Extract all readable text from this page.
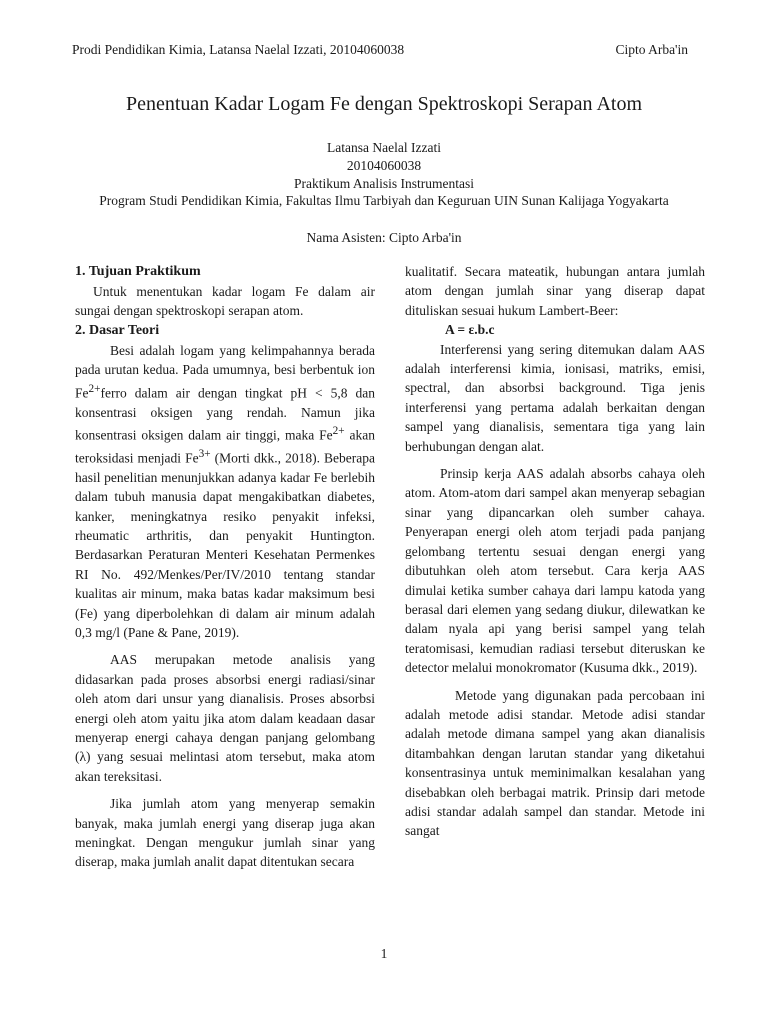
Prodi Pendidikan Kimia, Latansa Naelal Izzati, 20104060038	Cipto Arba'in
Penentuan Kadar Logam Fe dengan Spektroskopi Serapan Atom
Latansa Naelal Izzati
20104060038
Praktikum Analisis Instrumentasi
Program Studi Pendidikan Kimia, Fakultas Ilmu Tarbiyah dan Keguruan UIN Sunan Kalijaga Yogyakarta
Nama Asisten: Cipto Arba'in
1. Tujuan Praktikum

Untuk menentukan kadar logam Fe dalam air sungai dengan spektroskopi serapan atom.

2. Dasar Teori

Besi adalah logam yang kelimpahannya berada pada urutan kedua. Pada umumnya, besi berbentuk ion $Fe^{2+}ferro$ dalam air dengan tingkat pH < 5,8 dan konsentrasi oksigen yang rendah. Namun jika konsentrasi oksigen dalam air tinggi, maka $Fe^{2+}$ akan teroksidasi menjadi $Fe^{3+}$ (Morti dkk., 2018). Beberapa hasil penelitian menunjukkan adanya kadar Fe berlebih dalam tubuh manusia dapat mengakibatkan diabetes, kanker, meningkatnya resiko penyakit infeksi, rheumatic arthritis, dan penyakit Huntington. Berdasarkan Peraturan Menteri Kesehatan Permenkes RI No. 492/Menkes/Per/IV/2010 tentang standar kualitas air minum, maka batas kadar maksimum besi (Fe) yang diperbolehkan di dalam air minum adalah 0,3 mg/l (Pane & Pane, 2019).

AAS merupakan metode analisis yang didasarkan pada proses absorbsi energi radiasi/sinar oleh atom dari unsur yang dianalisis. Proses absorbsi energi oleh atom yaitu jika atom dalam keadaan dasar menyerap energi cahaya dengan panjang gelombang (λ) yang sesuai melintasi atom tersebut, maka atom akan tereksitasi.

Jika jumlah atom yang menyerap semakin banyak, maka jumlah energi yang diserap juga akan meningkat. Dengan mengukur jumlah sinar yang diserap, maka jumlah analit dapat ditentukan secara

kualitatif. Secara mateatik, hubungan antara jumlah atom dengan jumlah sinar yang diserap dapat dituliskan sesuai hukum Lambert-Beer:

A = ε.b.c

Interferensi yang sering ditemukan dalam AAS adalah interferensi kimia, ionisasi, matriks, emisi, spectral, dan absorbsi background. Tiga jenis interferensi yang pertama adalah berkaitan dengan sampel yang dianalisis, sementara tiga yang lain berhubungan dengan alat.

Prinsip kerja AAS adalah absorbs cahaya oleh atom. Atom-atom dari sampel akan menyerap sebagian sinar yang dipancarkan oleh sumber cahaya. Penyerapan energi oleh atom terjadi pada panjang gelombang tertentu sesuai dengan energi yang dibutuhkan oleh atom tersebut. Cara kerja AAS dimulai ketika sumber cahaya dari lampu katoda yang berasal dari elemen yang sedang diukur, dilewatkan ke dalam nyala api yang berisi sampel yang telah teratomisasi, kemudian radiasi tersebut diteruskan ke detector melalui monokromator (Kusuma dkk., 2019).

Metode yang digunakan pada percobaan ini adalah metode adisi standar. Metode adisi standar adalah metode dimana sampel yang akan dianalisis ditambahkan dengan larutan standar yang diketahui konsentrasinya untuk meminimalkan kesalahan yang disebabkan oleh berbagai matrik. Prinsip dari metode adisi standar adalah sampel dan standar. Metode ini sangat

1
